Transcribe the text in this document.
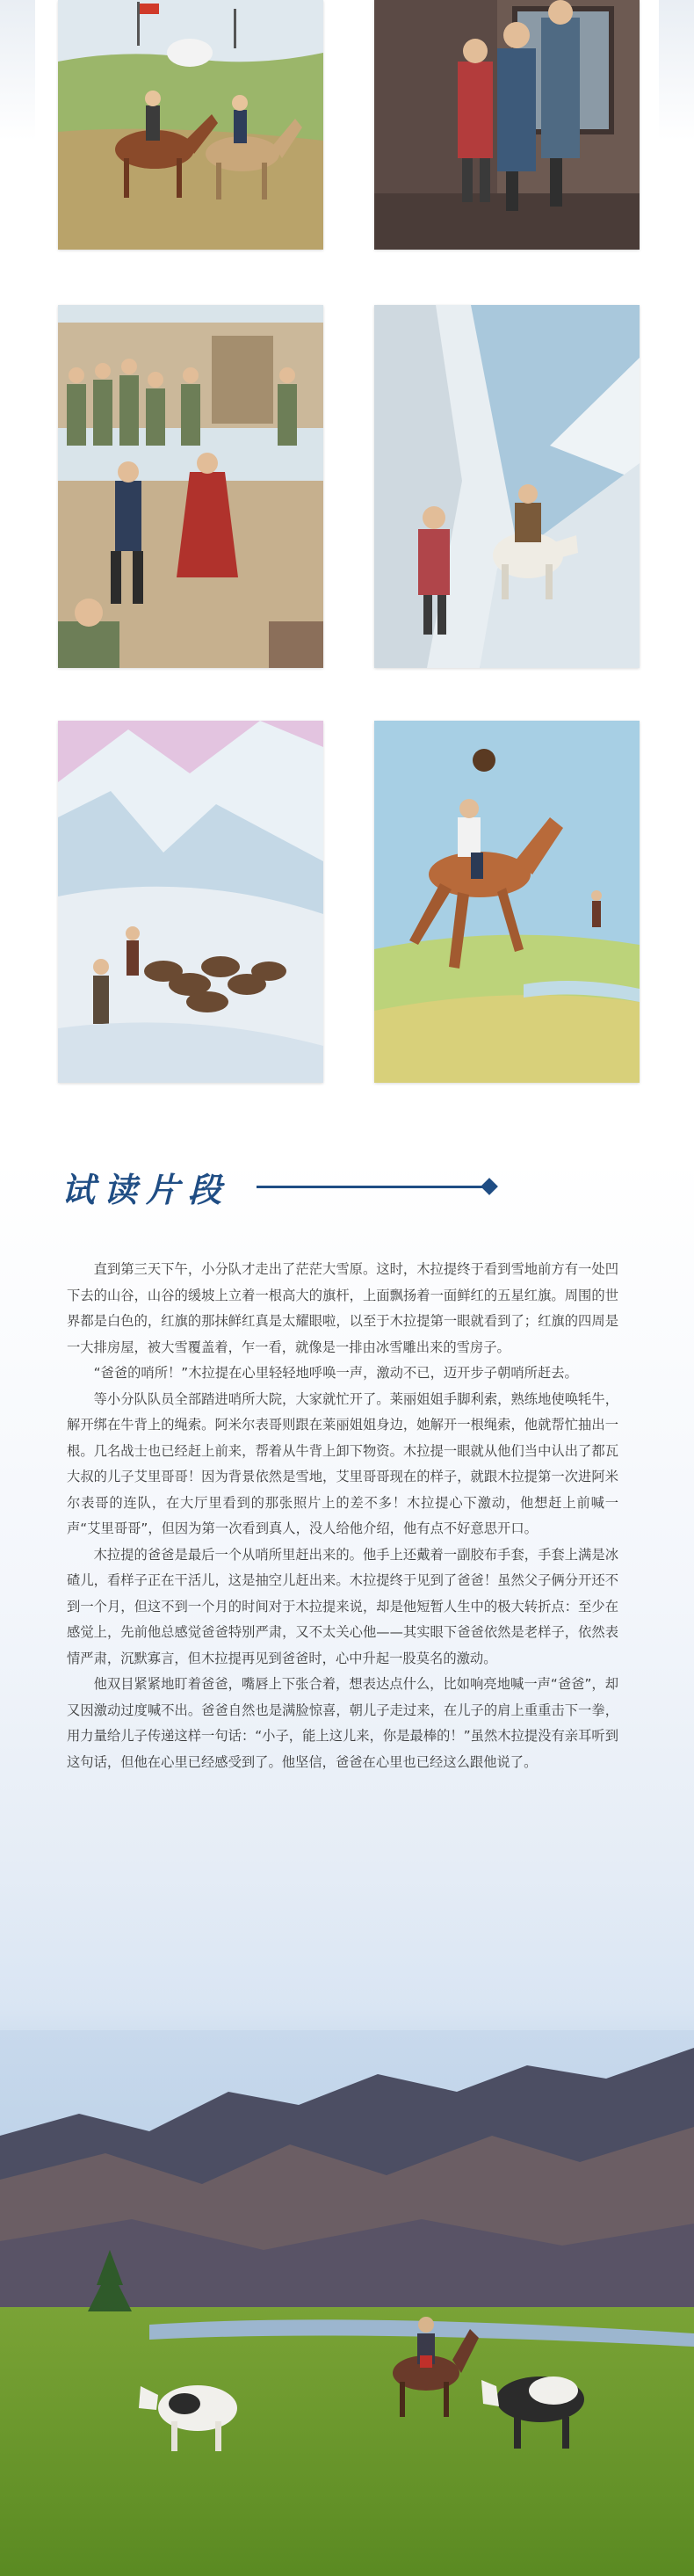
试读片段

直到第三天下午，小分队才走出了茫茫大雪原。这时，木拉提终于看到雪地前方有一处凹下去的山谷，山谷的缓坡上立着一根高大的旗杆，上面飘扬着一面鲜红的五星红旗。周围的世界都是白色的，红旗的那抹鲜红真是太耀眼啦，以至于木拉提第一眼就看到了；红旗的四周是一大排房屋，被大雪覆盖着，乍一看，就像是一排由冰雪雕出来的雪房子。

“爸爸的哨所！”木拉提在心里轻轻地呼唤一声，激动不已，迈开步子朝哨所赶去。

等小分队队员全部踏进哨所大院，大家就忙开了。莱丽姐姐手脚利索，熟练地使唤牦牛，解开绑在牛背上的绳索。阿米尔表哥则跟在莱丽姐姐身边，她解开一根绳索，他就帮忙抽出一根。几名战士也已经赶上前来，帮着从牛背上卸下物资。木拉提一眼就从他们当中认出了都瓦大叔的儿子艾里哥哥！因为背景依然是雪地，艾里哥哥现在的样子，就跟木拉提第一次进阿米尔表哥的连队，在大厅里看到的那张照片上的差不多！木拉提心下激动，他想赶上前喊一声“艾里哥哥”，但因为第一次看到真人，没人给他介绍，他有点不好意思开口。

木拉提的爸爸是最后一个从哨所里赶出来的。他手上还戴着一副胶布手套，手套上满是冰碴儿，看样子正在干活儿，这是抽空儿赶出来。木拉提终于见到了爸爸！虽然父子俩分开还不到一个月，但这不到一个月的时间对于木拉提来说，却是他短暂人生中的极大转折点：至少在感觉上，先前他总感觉爸爸特别严肃，又不太关心他——其实眼下爸爸依然是老样子，依然表情严肃，沉默寡言，但木拉提再见到爸爸时，心中升起一股莫名的激动。

他双目紧紧地盯着爸爸，嘴唇上下张合着，想表达点什么，比如响亮地喊一声“爸爸”，却又因激动过度喊不出。爸爸自然也是满脸惊喜，朝儿子走过来，在儿子的肩上重重击下一拳，用力量给儿子传递这样一句话：“小子，能上这儿来，你是最棒的！”虽然木拉提没有亲耳听到这句话，但他在心里已经感受到了。他坚信，爸爸在心里也已经这么跟他说了。
